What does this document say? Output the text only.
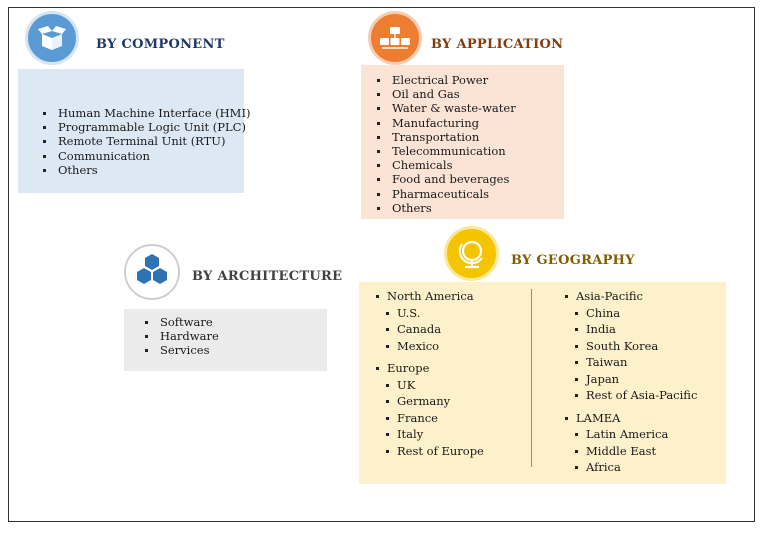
BY COMPONENT
Human Machine Interface (HMI)
Programmable Logic Unit (PLC)
Remote Terminal Unit (RTU)
Communication
Others
BY APPLICATION
Electrical Power
Oil and Gas
Water & waste-water
Manufacturing
Transportation
Telecommunication
Chemicals
Food and beverages
Pharmaceuticals
Others
BY ARCHITECTURE
Software
Hardware
Services
BY GEOGRAPHY
North America
U.S.
Canada
Mexico
Europe
UK
Germany
France
Italy
Rest of Europe
Asia-Pacific
China
India
South Korea
Taiwan
Japan
Rest of Asia-Pacific
LAMEA
Latin America
Middle East
Africa
